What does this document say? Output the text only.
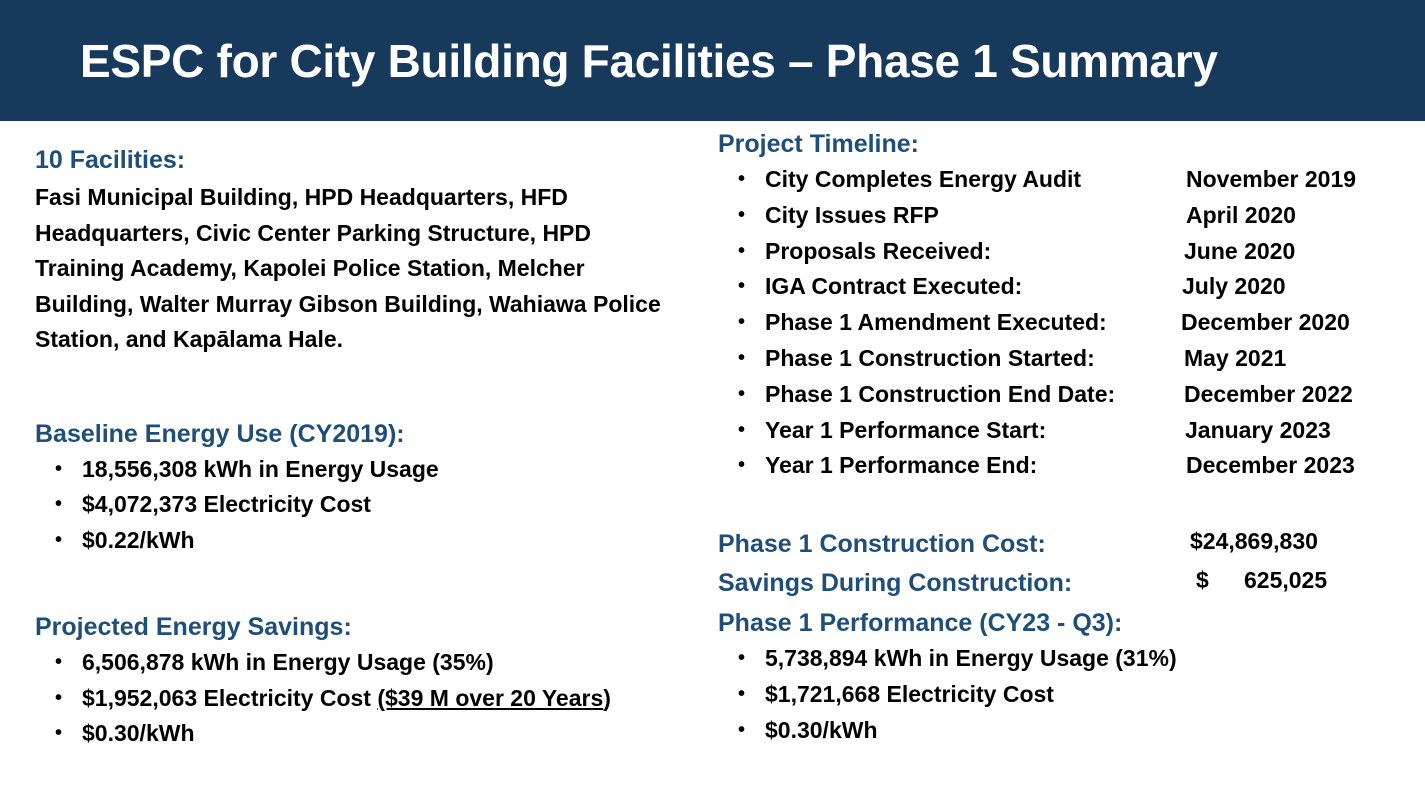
ESPC for City Building Facilities – Phase 1 Summary
10 Facilities:
Fasi Municipal Building, HPD Headquarters, HFD Headquarters, Civic Center Parking Structure, HPD Training Academy, Kapolei Police Station, Melcher Building, Walter Murray Gibson Building, Wahiawa Police Station, and Kapālama Hale.
Baseline Energy Use (CY2019):
• 18,556,308 kWh in Energy Usage
• $4,072,373 Electricity Cost
• $0.22/kWh
Projected Energy Savings:
• 6,506,878 kWh in Energy Usage (35%)
• $1,952,063 Electricity Cost ($39 M over 20 Years)
• $0.30/kWh
Project Timeline:
• City Completes Energy Audit	November 2019
• City Issues RFP	April 2020
• Proposals Received:	June 2020
• IGA Contract Executed:	July 2020
• Phase 1 Amendment Executed:	December 2020
• Phase 1 Construction Started:	May 2021
• Phase 1 Construction End Date:	December 2022
• Year 1 Performance Start:	January 2023
• Year 1 Performance End:	December 2023
Phase 1 Construction Cost:	$24,869,830
Savings During Construction:	$ 625,025
Phase 1 Performance (CY23 - Q3):
• 5,738,894 kWh in Energy Usage (31%)
• $1,721,668 Electricity Cost
• $0.30/kWh
